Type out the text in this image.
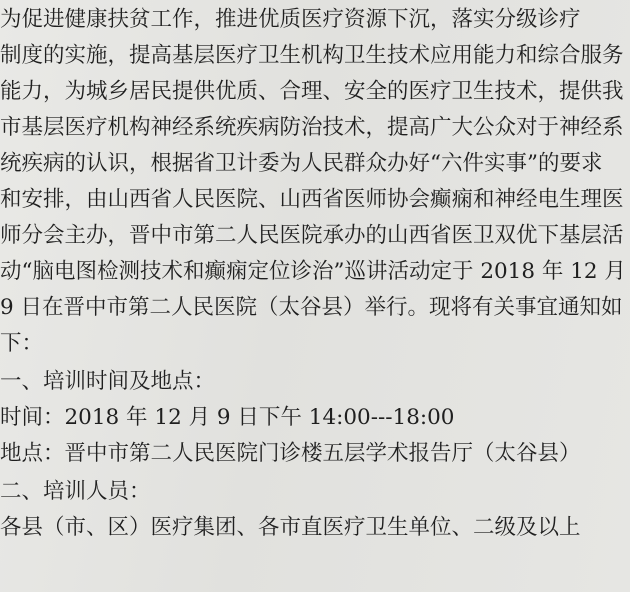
为促进健康扶贫工作，推进优质医疗资源下沉，落实分级诊疗
制度的实施，提高基层医疗卫生机构卫生技术应用能力和综合服务
能力，为城乡居民提供优质、合理、安全的医疗卫生技术，提供我
市基层医疗机构神经系统疾病防治技术，提高广大公众对于神经系
统疾病的认识，根据省卫计委为人民群众办好“六件实事”的要求
和安排，由山西省人民医院、山西省医师协会癫痫和神经电生理医
师分会主办，晋中市第二人民医院承办的山西省医卫双优下基层活
动“脑电图检测技术和癫痫定位诊治”巡讲活动定于 2018 年 12 月
9 日在晋中市第二人民医院（太谷县）举行。现将有关事宜通知如
下：
一、培训时间及地点：
时间：2018 年 12 月 9 日下午 14:00---18:00
地点：晋中市第二人民医院门诊楼五层学术报告厅（太谷县）
二、培训人员：
各县（市、区）医疗集团、各市直医疗卫生单位、二级及以上
